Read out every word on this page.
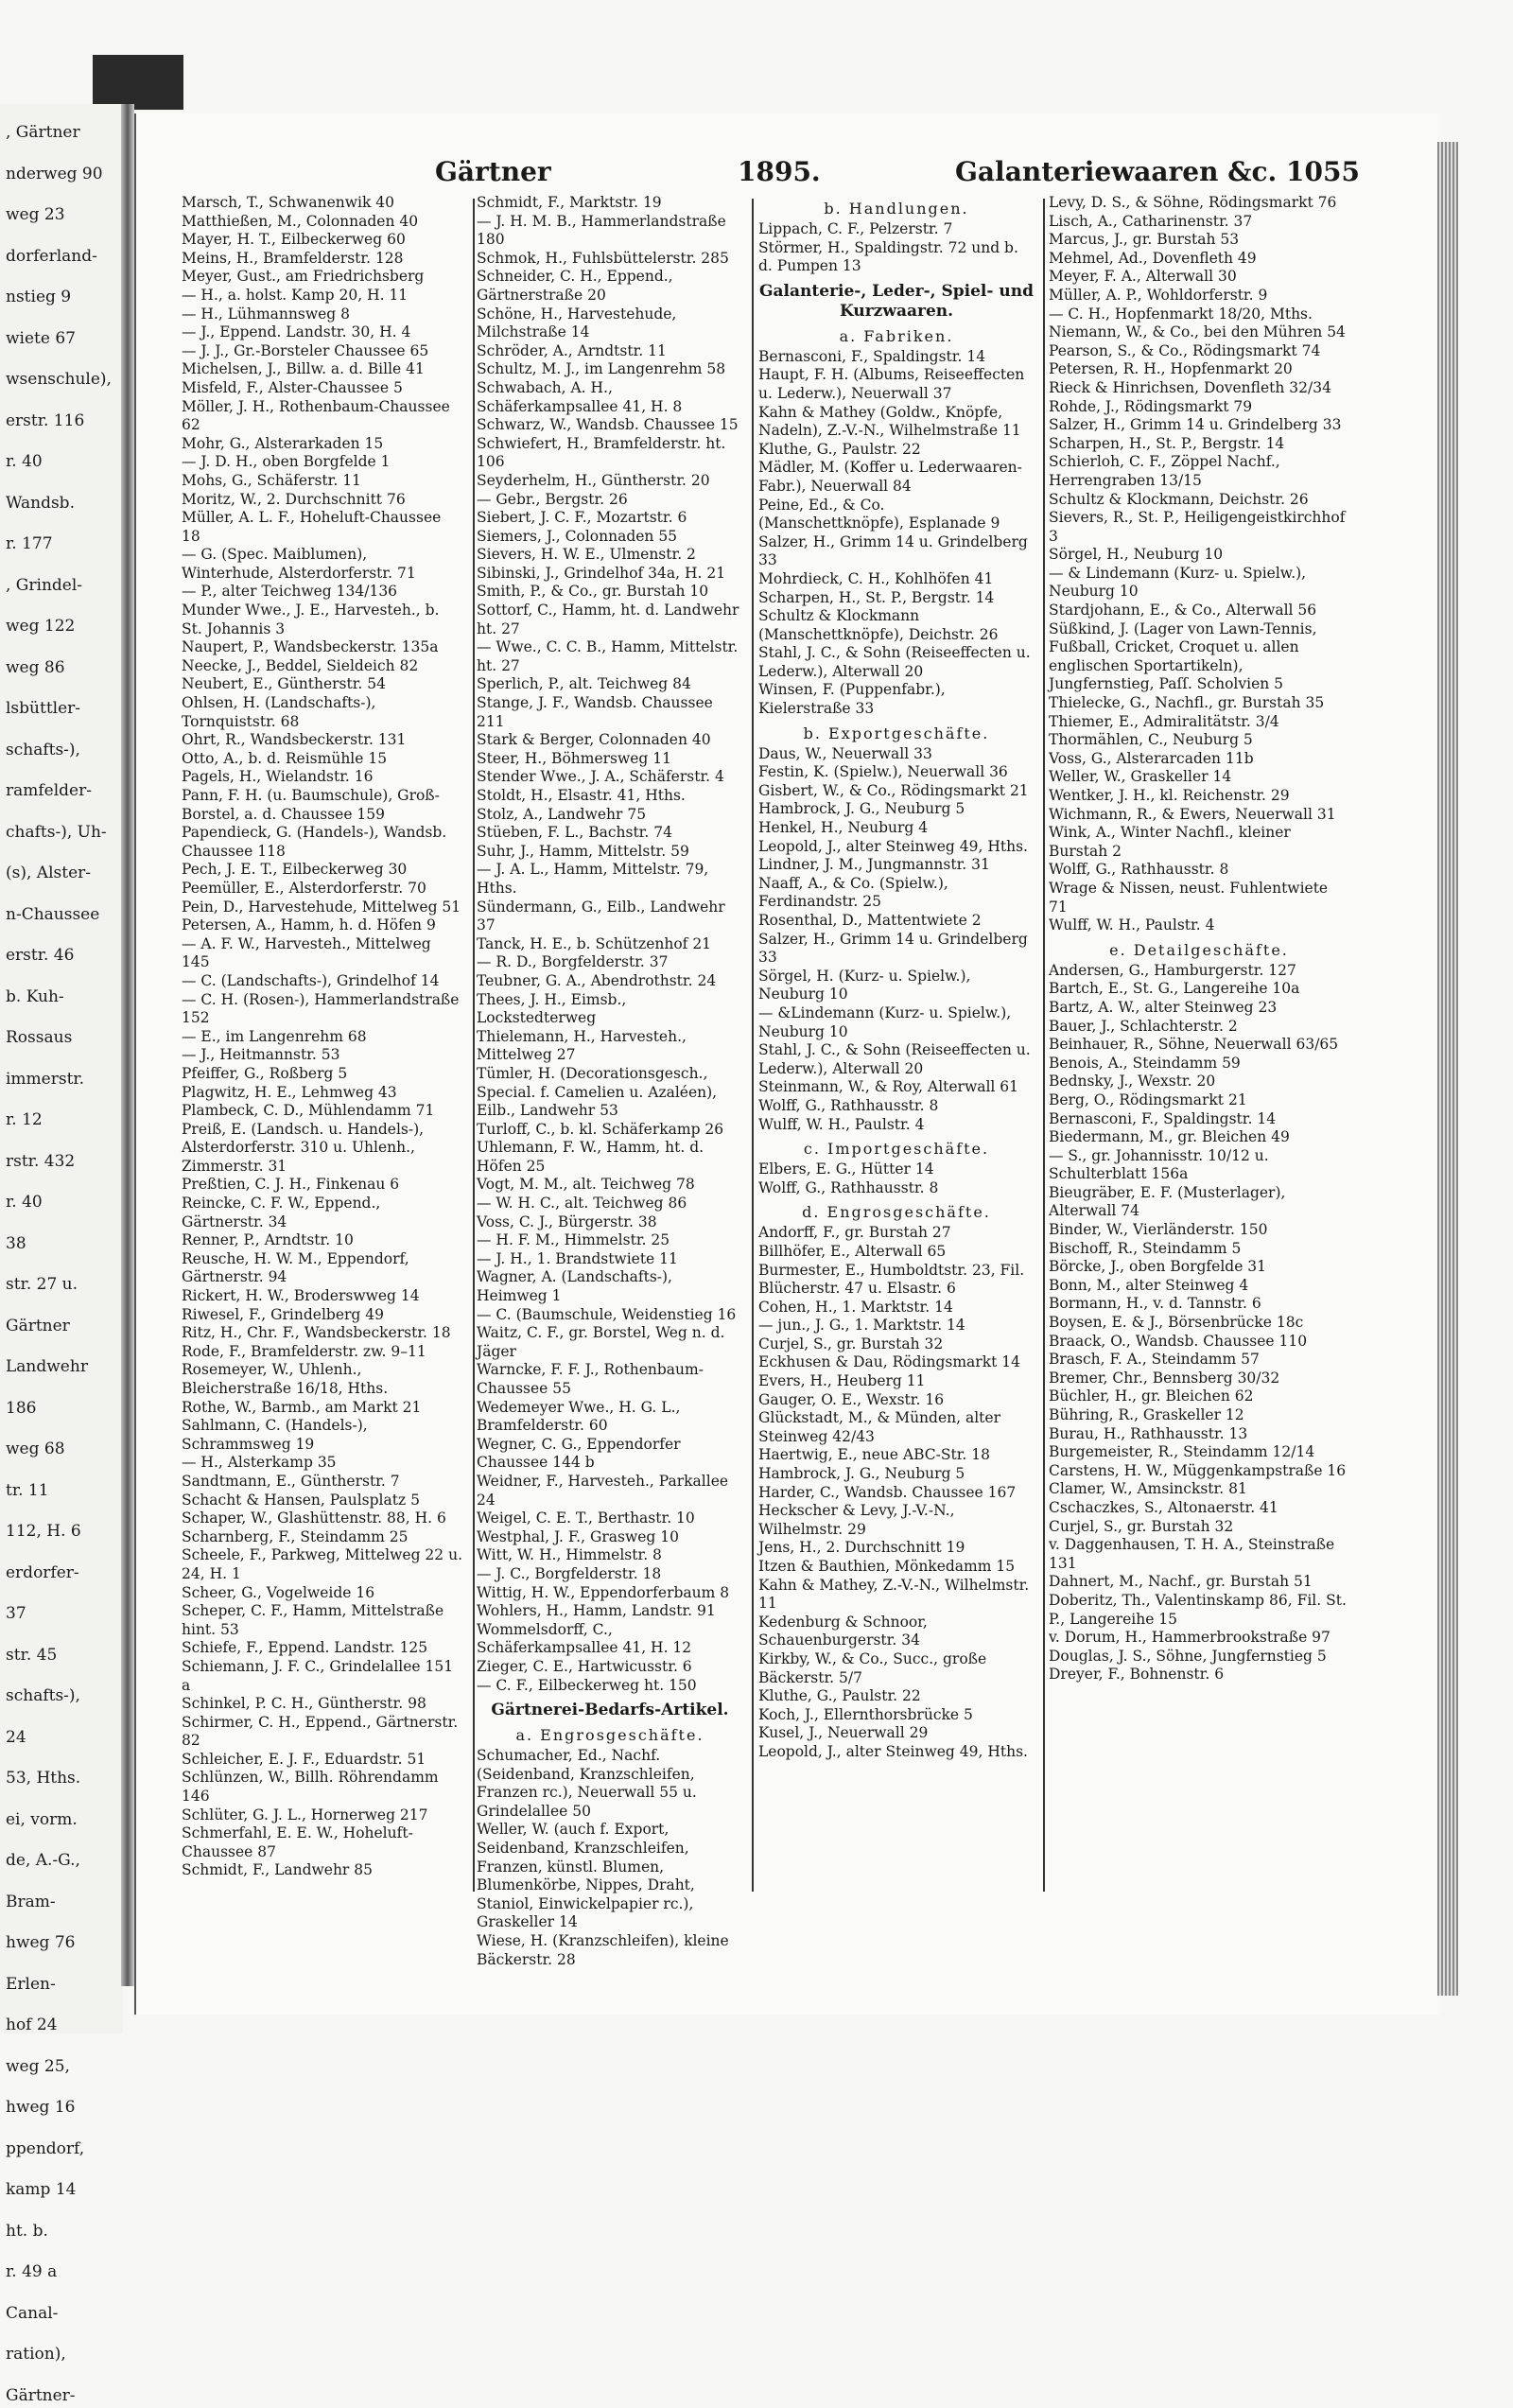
, Gärtner

nderweg 90

weg 23

dorferland-

nstieg 9

wiete 67

wsenschule),

erstr. 116

r. 40

Wandsb.

r. 177

, Grindel-

weg 122

weg 86

lsbüttler-

schafts-),

ramfelder-

chafts-), Uh-

(s), Alster-

n-Chaussee

erstr. 46

b. Kuh-

Rossaus

immerstr.

r. 12

rstr. 432

r. 40

38

str. 27 u.

Gärtner

Landwehr

186

weg 68

tr. 11

112, H. 6

erdorfer-

37

str. 45

schafts-),

24

53, Hths.

ei, vorm.

de, A.-G.,

Bram-

hweg 76

Erlen-

hof 24

weg 25,

hweg 16

ppendorf,

kamp 14

ht. b.

r. 49 a

Canal-

ration),

Gärtner-

Gärtner	1895.	Galanteriewaaren &c. 1055

Marsch, T., Schwanenwik 40

Matthießen, M., Colonnaden 40

Mayer, H. T., Eilbeckerweg 60

Meins, H., Bramfelderstr. 128

Meyer, Gust., am Friedrichsberg

— H., a. holst. Kamp 20, H. 11

— H., Lühmannsweg 8

— J., Eppend. Landstr. 30, H. 4

— J. J., Gr.-Borsteler Chaussee 65

Michelsen, J., Billw. a. d. Bille 41

Misfeld, F., Alster-Chaussee 5

Möller, J. H., Rothenbaum-Chaussee 62

Mohr, G., Alsterarkaden 15

— J. D. H., oben Borgfelde 1

Mohs, G., Schäferstr. 11

Moritz, W., 2. Durchschnitt 76

Müller, A. L. F., Hoheluft-Chaussee 18

— G. (Spec. Maiblumen), Winterhude, Alsterdorferstr. 71

— P., alter Teichweg 134/136

Munder Wwe., J. E., Harvesteh., b. St. Johannis 3

Naupert, P., Wandsbeckerstr. 135a

Neecke, J., Beddel, Sieldeich 82

Neubert, E., Güntherstr. 54

Ohlsen, H. (Landschafts-), Tornquiststr. 68

Ohrt, R., Wandsbeckerstr. 131

Otto, A., b. d. Reismühle 15

Pagels, H., Wielandstr. 16

Pann, F. H. (u. Baumschule), Groß-Borstel, a. d. Chaussee 159

Papendieck, G. (Handels-), Wandsb. Chaussee 118

Pech, J. E. T., Eilbeckerweg 30

Peemüller, E., Alsterdorferstr. 70

Pein, D., Harvestehude, Mittelweg 51

Petersen, A., Hamm, h. d. Höfen 9

— A. F. W., Harvesteh., Mittelweg 145

— C. (Landschafts-), Grindelhof 14

— C. H. (Rosen-), Hammerlandstraße 152

— E., im Langenrehm 68

— J., Heitmannstr. 53

Pfeiffer, G., Roßberg 5

Plagwitz, H. E., Lehmweg 43

Plambeck, C. D., Mühlendamm 71

Preiß, E. (Landsch. u. Handels-), Alsterdorferstr. 310 u. Uhlenh., Zimmerstr. 31

Preßtien, C. J. H., Finkenau 6

Reincke, C. F. W., Eppend., Gärtnerstr. 34

Renner, P., Arndtstr. 10

Reusche, H. W. M., Eppendorf, Gärtnerstr. 94

Rickert, H. W., Broderswweg 14

Riwesel, F., Grindelberg 49

Ritz, H., Chr. F., Wandsbeckerstr. 18

Rode, F., Bramfelderstr. zw. 9–11

Rosemeyer, W., Uhlenh., Bleicherstraße 16/18, Hths.

Rothe, W., Barmb., am Markt 21

Sahlmann, C. (Handels-), Schrammsweg 19

— H., Alsterkamp 35

Sandtmann, E., Güntherstr. 7

Schacht & Hansen, Paulsplatz 5

Schaper, W., Glashüttenstr. 88, H. 6

Scharnberg, F., Steindamm 25

Scheele, F., Parkweg, Mittelweg 22 u. 24, H. 1

Scheer, G., Vogelweide 16

Scheper, C. F., Hamm, Mittelstraße hint. 53

Schiefe, F., Eppend. Landstr. 125

Schiemann, J. F. C., Grindelallee 151 a

Schinkel, P. C. H., Güntherstr. 98

Schirmer, C. H., Eppend., Gärtnerstr. 82

Schleicher, E. J. F., Eduardstr. 51

Schlünzen, W., Billh. Röhrendamm 146

Schlüter, G. J. L., Hornerweg 217

Schmerfahl, E. E. W., Hoheluft-Chaussee 87

Schmidt, F., Landwehr 85

Schmidt, F., Marktstr. 19

— J. H. M. B., Hammerlandstraße 180

Schmok, H., Fuhlsbüttelerstr. 285

Schneider, C. H., Eppend., Gärtnerstraße 20

Schöne, H., Harvestehude, Milchstraße 14

Schröder, A., Arndtstr. 11

Schultz, M. J., im Langenrehm 58

Schwabach, A. H., Schäferkampsallee 41, H. 8

Schwarz, W., Wandsb. Chaussee 15

Schwiefert, H., Bramfelderstr. ht. 106

Seyderhelm, H., Güntherstr. 20

— Gebr., Bergstr. 26

Siebert, J. C. F., Mozartstr. 6

Siemers, J., Colonnaden 55

Sievers, H. W. E., Ulmenstr. 2

Sibinski, J., Grindelhof 34a, H. 21

Smith, P., & Co., gr. Burstah 10

Sottorf, C., Hamm, ht. d. Landwehr ht. 27

— Wwe., C. C. B., Hamm, Mittelstr. ht. 27

Sperlich, P., alt. Teichweg 84

Stange, J. F., Wandsb. Chaussee 211

Stark & Berger, Colonnaden 40

Steer, H., Böhmersweg 11

Stender Wwe., J. A., Schäferstr. 4

Stoldt, H., Elsastr. 41, Hths.

Stolz, A., Landwehr 75

Stüeben, F. L., Bachstr. 74

Suhr, J., Hamm, Mittelstr. 59

— J. A. L., Hamm, Mittelstr. 79, Hths.

Sündermann, G., Eilb., Landwehr 37

Tanck, H. E., b. Schützenhof 21

— R. D., Borgfelderstr. 37

Teubner, G. A., Abendrothstr. 24

Thees, J. H., Eimsb., Lockstedterweg

Thielemann, H., Harvesteh., Mittelweg 27

Tümler, H. (Decorationsgesch., Special. f. Camelien u. Azaléen), Eilb., Landwehr 53

Turloff, C., b. kl. Schäferkamp 26

Uhlemann, F. W., Hamm, ht. d. Höfen 25

Vogt, M. M., alt. Teichweg 78

— W. H. C., alt. Teichweg 86

Voss, C. J., Bürgerstr. 38

— H. F. M., Himmelstr. 25

— J. H., 1. Brandstwiete 11

Wagner, A. (Landschafts-), Heimweg 1

— C. (Baumschule, Weidenstieg 16

Waitz, C. F., gr. Borstel, Weg n. d. Jäger

Warncke, F. F. J., Rothenbaum-Chaussee 55

Wedemeyer Wwe., H. G. L., Bramfelderstr. 60

Wegner, C. G., Eppendorfer Chaussee 144 b

Weidner, F., Harvesteh., Parkallee 24

Weigel, C. E. T., Berthastr. 10

Westphal, J. F., Grasweg 10

Witt, W. H., Himmelstr. 8

— J. C., Borgfelderstr. 18

Wittig, H. W., Eppendorferbaum 8

Wohlers, H., Hamm, Landstr. 91

Wommelsdorff, C., Schäferkampsallee 41, H. 12

Zieger, C. E., Hartwicusstr. 6

— C. F., Eilbeckerweg ht. 150

Gärtnerei-Bedarfs-Artikel.
a. Engrosgeschäfte.

Schumacher, Ed., Nachf. (Seidenband, Kranzschleifen, Franzen rc.), Neuerwall 55 u. Grindelallee 50

Weller, W. (auch f. Export, Seidenband, Kranzschleifen, Franzen, künstl. Blumen, Blumenkörbe, Nippes, Draht, Staniol, Einwickelpapier rc.), Graskeller 14

Wiese, H. (Kranzschleifen), kleine Bäckerstr. 28

b. Handlungen.

Lippach, C. F., Pelzerstr. 7

Störmer, H., Spaldingstr. 72 und b. d. Pumpen 13

Galanterie-, Leder-, Spiel- und Kurzwaaren.
a. Fabriken.

Bernasconi, F., Spaldingstr. 14

Haupt, F. H. (Albums, Reiseeffecten u. Lederw.), Neuerwall 37

Kahn & Mathey (Goldw., Knöpfe, Nadeln), Z.-V.-N., Wilhelmstraße 11

Kluthe, G., Paulstr. 22

Mädler, M. (Koffer u. Lederwaaren-Fabr.), Neuerwall 84

Peine, Ed., & Co. (Manschettknöpfe), Esplanade 9

Salzer, H., Grimm 14 u. Grindelberg 33

Mohrdieck, C. H., Kohlhöfen 41

Scharpen, H., St. P., Bergstr. 14

Schultz & Klockmann (Manschettknöpfe), Deichstr. 26

Stahl, J. C., & Sohn (Reiseeffecten u. Lederw.), Alterwall 20

Winsen, F. (Puppenfabr.), Kielerstraße 33

b. Exportgeschäfte.

Daus, W., Neuerwall 33

Festin, K. (Spielw.), Neuerwall 36

Gisbert, W., & Co., Rödingsmarkt 21

Hambrock, J. G., Neuburg 5

Henkel, H., Neuburg 4

Leopold, J., alter Steinweg 49, Hths.

Lindner, J. M., Jungmannstr. 31

Naaff, A., & Co. (Spielw.), Ferdinandstr. 25

Rosenthal, D., Mattentwiete 2

Salzer, H., Grimm 14 u. Grindelberg 33

Sörgel, H. (Kurz- u. Spielw.), Neuburg 10

— &Lindemann (Kurz- u. Spielw.), Neuburg 10

Stahl, J. C., & Sohn (Reiseeffecten u. Lederw.), Alterwall 20

Steinmann, W., & Roy, Alterwall 61

Wolff, G., Rathhausstr. 8

Wulff, W. H., Paulstr. 4

c. Importgeschäfte.

Elbers, E. G., Hütter 14

Wolff, G., Rathhausstr. 8

d. Engrosgeschäfte.

Andorff, F., gr. Burstah 27

Billhöfer, E., Alterwall 65

Burmester, E., Humboldtstr. 23, Fil. Blücherstr. 47 u. Elsastr. 6

Cohen, H., 1. Marktstr. 14

— jun., J. G., 1. Marktstr. 14

Curjel, S., gr. Burstah 32

Eckhusen & Dau, Rödingsmarkt 14

Evers, H., Heuberg 11

Gauger, O. E., Wexstr. 16

Glückstadt, M., & Münden, alter Steinweg 42/43

Haertwig, E., neue ABC-Str. 18

Hambrock, J. G., Neuburg 5

Harder, C., Wandsb. Chaussee 167

Heckscher & Levy, J.-V.-N., Wilhelmstr. 29

Jens, H., 2. Durchschnitt 19

Itzen & Bauthien, Mönkedamm 15

Kahn & Mathey, Z.-V.-N., Wilhelmstr. 11

Kedenburg & Schnoor, Schauenburgerstr. 34

Kirkby, W., & Co., Succ., große Bäckerstr. 5/7

Kluthe, G., Paulstr. 22

Koch, J., Ellernthorsbrücke 5

Kusel, J., Neuerwall 29

Leopold, J., alter Steinweg 49, Hths.

Levy, D. S., & Söhne, Rödingsmarkt 76

Lisch, A., Catharinenstr. 37

Marcus, J., gr. Burstah 53

Mehmel, Ad., Dovenfleth 49

Meyer, F. A., Alterwall 30

Müller, A. P., Wohldorferstr. 9

— C. H., Hopfenmarkt 18/20, Mths.

Niemann, W., & Co., bei den Mühren 54

Pearson, S., & Co., Rödingsmarkt 74

Petersen, R. H., Hopfenmarkt 20

Rieck & Hinrichsen, Dovenfleth 32/34

Rohde, J., Rödingsmarkt 79

Salzer, H., Grimm 14 u. Grindelberg 33

Scharpen, H., St. P., Bergstr. 14

Schierloh, C. F., Zöppel Nachf., Herrengraben 13/15

Schultz & Klockmann, Deichstr. 26

Sievers, R., St. P., Heiligengeistkirchhof 3

Sörgel, H., Neuburg 10

— & Lindemann (Kurz- u. Spielw.), Neuburg 10

Stardjohann, E., & Co., Alterwall 56

Süßkind, J. (Lager von Lawn-Tennis, Fußball, Cricket, Croquet u. allen englischen Sportartikeln), Jungfernstieg, Paſſ. Scholvien 5

Thielecke, G., Nachfl., gr. Burstah 35

Thiemer, E., Admiralitätstr. 3/4

Thormählen, C., Neuburg 5

Voss, G., Alsterarcaden 11b

Weller, W., Graskeller 14

Wentker, J. H., kl. Reichenstr. 29

Wichmann, R., & Ewers, Neuerwall 31

Wink, A., Winter Nachfl., kleiner Burstah 2

Wolff, G., Rathhausstr. 8

Wrage & Nissen, neust. Fuhlentwiete 71

Wulff, W. H., Paulstr. 4

e. Detailgeschäfte.

Andersen, G., Hamburgerstr. 127

Bartch, E., St. G., Langereihe 10a

Bartz, A. W., alter Steinweg 23

Bauer, J., Schlachterstr. 2

Beinhauer, R., Söhne, Neuerwall 63/65

Benois, A., Steindamm 59

Bednsky, J., Wexstr. 20

Berg, O., Rödingsmarkt 21

Bernasconi, F., Spaldingstr. 14

Biedermann, M., gr. Bleichen 49

— S., gr. Johannisstr. 10/12 u. Schulterblatt 156a

Bieugräber, E. F. (Musterlager), Alterwall 74

Binder, W., Vierländerstr. 150

Bischoff, R., Steindamm 5

Börcke, J., oben Borgfelde 31

Bonn, M., alter Steinweg 4

Bormann, H., v. d. Tannstr. 6

Boysen, E. & J., Börsenbrücke 18c

Braack, O., Wandsb. Chaussee 110

Brasch, F. A., Steindamm 57

Bremer, Chr., Bennsberg 30/32

Büchler, H., gr. Bleichen 62

Bühring, R., Graskeller 12

Burau, H., Rathhausstr. 13

Burgemeister, R., Steindamm 12/14

Carstens, H. W., Müggenkampstraße 16

Clamer, W., Amsinckstr. 81

Cschaczkes, S., Altonaerstr. 41

Curjel, S., gr. Burstah 32

v. Daggenhausen, T. H. A., Steinstraße 131

Dahnert, M., Nachf., gr. Burstah 51

Doberitz, Th., Valentinskamp 86, Fil. St. P., Langereihe 15

v. Dorum, H., Hammerbrookstraße 97

Douglas, J. S., Söhne, Jungfernstieg 5

Dreyer, F., Bohnenstr. 6
